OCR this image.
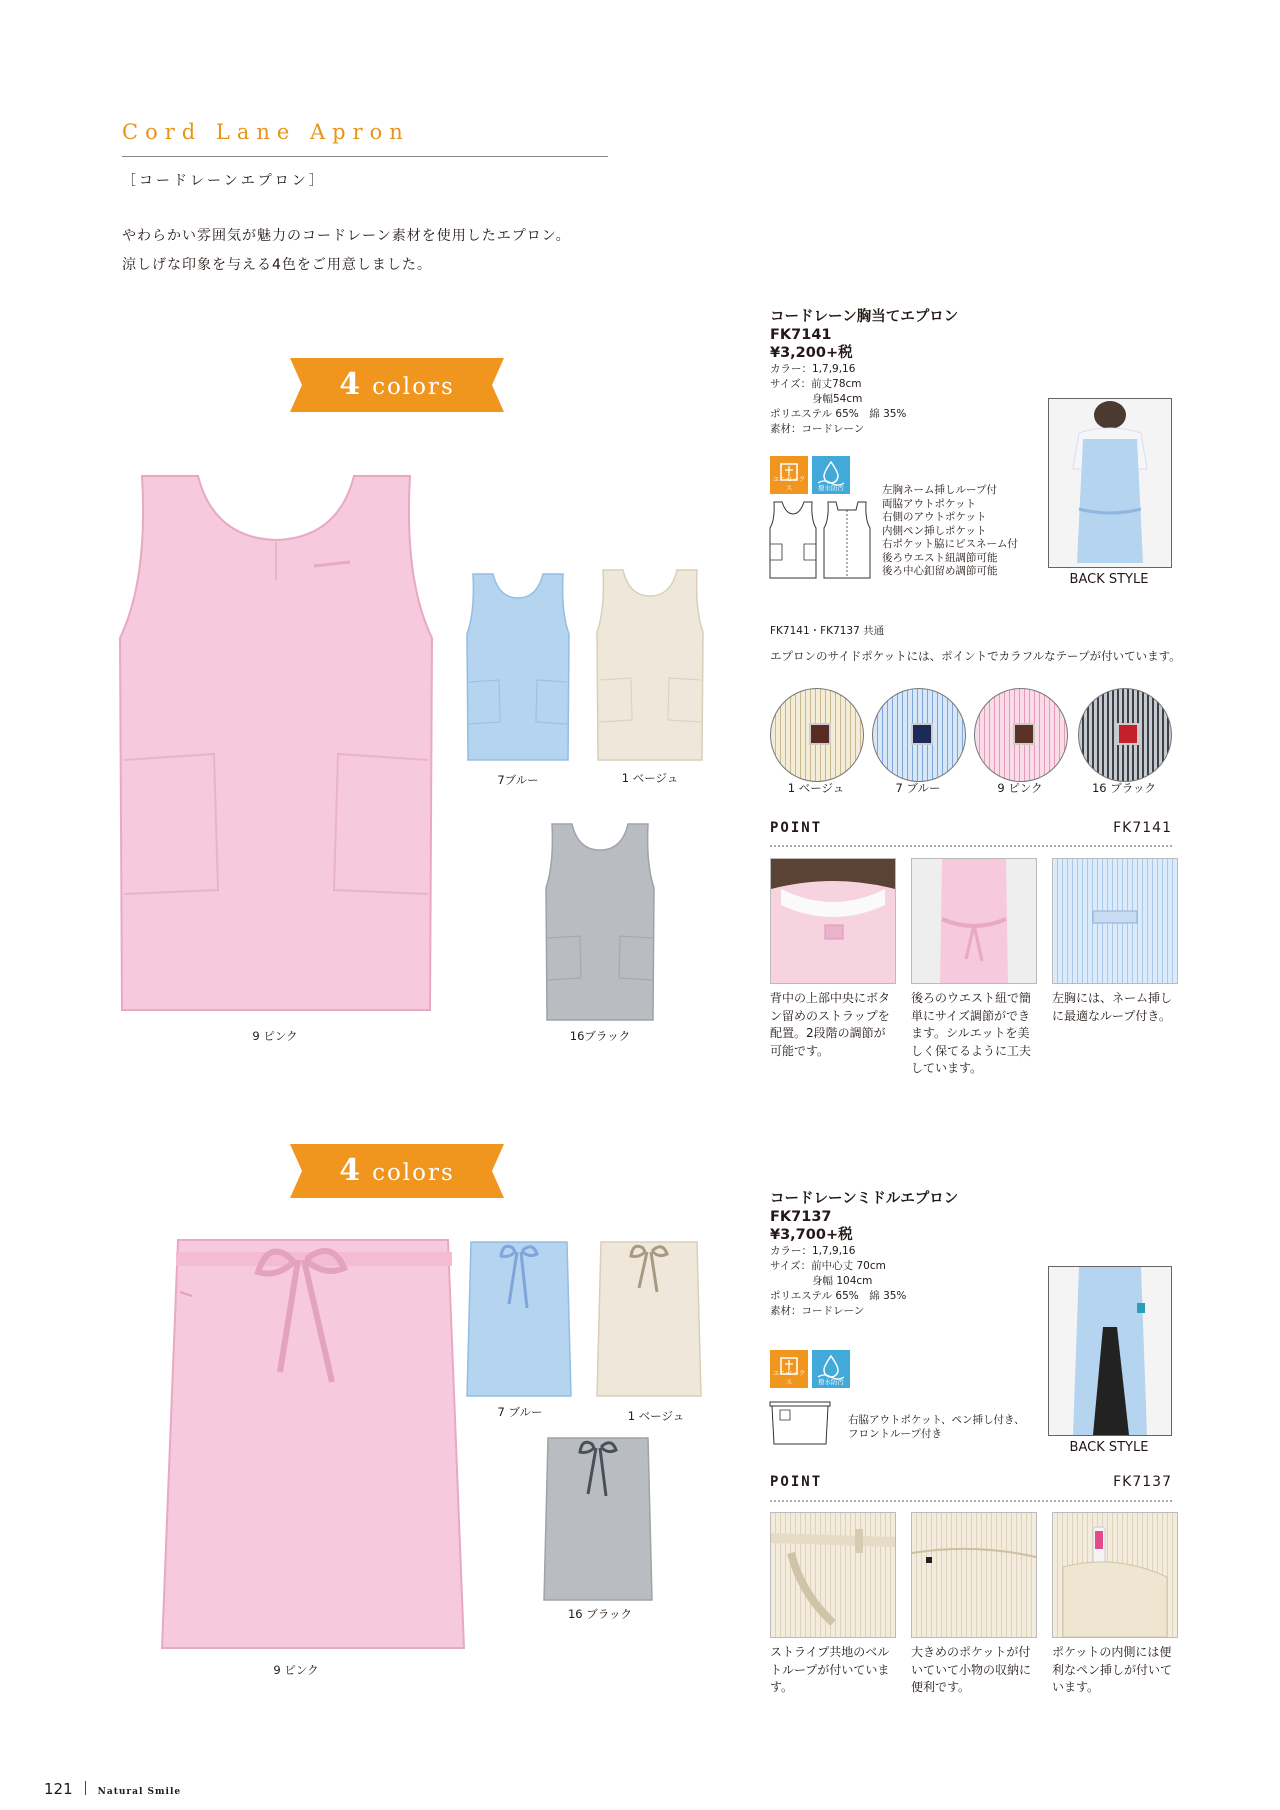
Cord Lane Apron
［コードレーンエプロン］
やわらかい雰囲気が魅力のコードレーン素材を使用したエプロン。
涼しげな印象を与える4色をご用意しました。
4 colors
9 ピンク
7ブルー	1 ベージュ
16ブラック
コードレーン胸当てエプロン
FK7141
¥3,200+税
カラー：1,7,9,16
サイズ：前丈78cm
　　　　身幅54cm
ポリエステル 65%　綿 35%
素材：コードレーン
ユニセックス	撥水防汚	左胸ネーム挿しループ付
両脇アウトポケット
右側のアウトポケット
内側ペン挿しポケット
右ポケット脇にピスネーム付
後ろウエスト紐調節可能
後ろ中心釦留め調節可能
BACK STYLE
FK7141・FK7137 共通
エプロンのサイドポケットには、ポイントでカラフルなテープが付いています。
1 ベージュ	7 ブルー	9 ピンク	16 ブラック
POINT	FK7141
背中の上部中央にボタン留めのストラップを配置。2段階の調節が可能です。
後ろのウエスト紐で簡単にサイズ調節ができます。シルエットを美しく保てるように工夫しています。
左胸には、ネーム挿しに最適なループ付き。
4 colors
9 ピンク
7 ブルー	1 ベージュ
16 ブラック
コードレーンミドルエプロン
FK7137
¥3,700+税
カラー：1,7,9,16
サイズ：前中心丈 70cm
　　　　身幅 104cm
ポリエステル 65%　綿 35%
素材：コードレーン
ユニセックス	撥水防汚
右脇アウトポケット、ペン挿し付き、
フロントループ付き
BACK STYLE
POINT	FK7137
ストライプ共地のベルトループが付いています。
大きめのポケットが付いていて小物の収納に便利です。
ポケットの内側には便利なペン挿しが付いています。
121	Natural Smile
